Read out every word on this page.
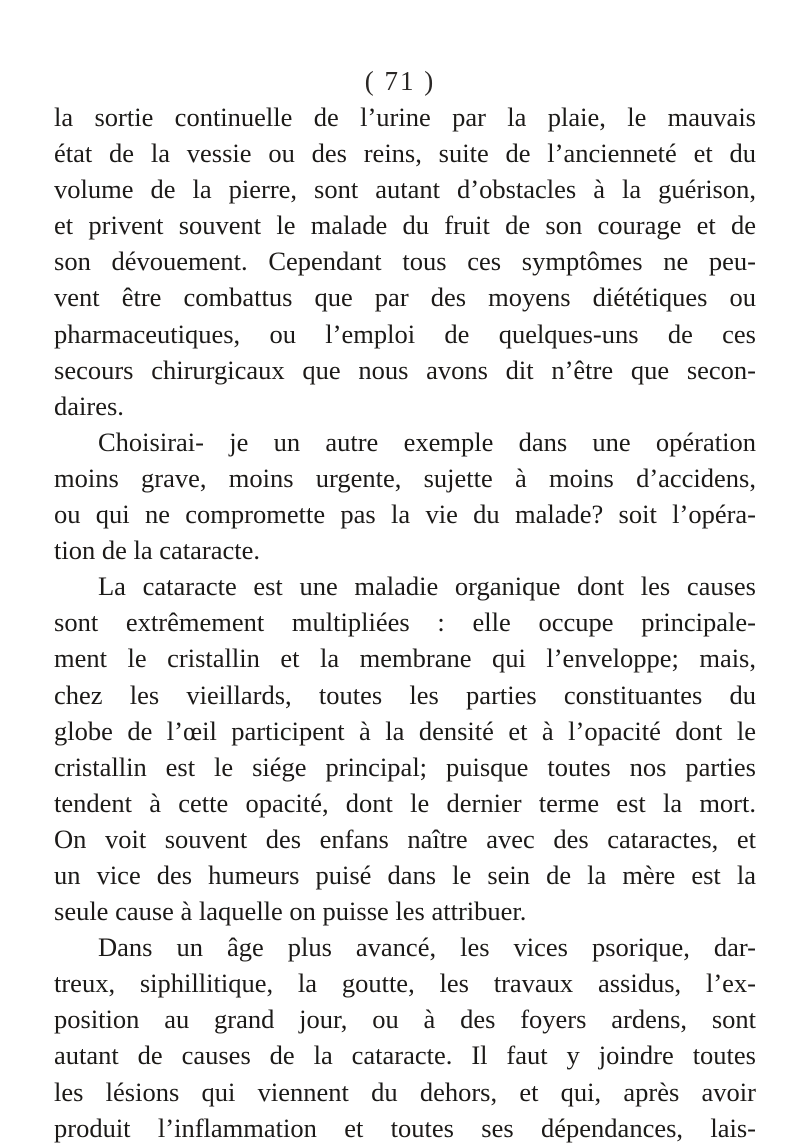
( 71 )
la sortie continuelle de l’urine par la plaie, le mauvais
état de la vessie ou des reins, suite de l’ancienneté et du
volume de la pierre, sont autant d’obstacles à la guérison,
et privent souvent le malade du fruit de son courage et de
son dévouement. Cependant tous ces symptômes ne peu-
vent être combattus que par des moyens diététiques ou
pharmaceutiques, ou l’emploi de quelques-uns de ces
secours chirurgicaux que nous avons dit n’être que secon-
daires.
Choisirai- je un autre exemple dans une opération
moins grave, moins urgente, sujette à moins d’accidens,
ou qui ne compromette pas la vie du malade? soit l’opéra-
tion de la cataracte.
La cataracte est une maladie organique dont les causes
sont extrêmement multipliées : elle occupe principale-
ment le cristallin et la membrane qui l’enveloppe; mais,
chez les vieillards, toutes les parties constituantes du
globe de l’œil participent à la densité et à l’opacité dont le
cristallin est le siége principal; puisque toutes nos parties
tendent à cette opacité, dont le dernier terme est la mort.
On voit souvent des enfans naître avec des cataractes, et
un vice des humeurs puisé dans le sein de la mère est la
seule cause à laquelle on puisse les attribuer.
Dans un âge plus avancé, les vices psorique, dar-
treux, siphillitique, la goutte, les travaux assidus, l’ex-
position au grand jour, ou à des foyers ardens, sont
autant de causes de la cataracte. Il faut y joindre toutes
les lésions qui viennent du dehors, et qui, après avoir
produit l’inflammation et toutes ses dépendances, lais-
